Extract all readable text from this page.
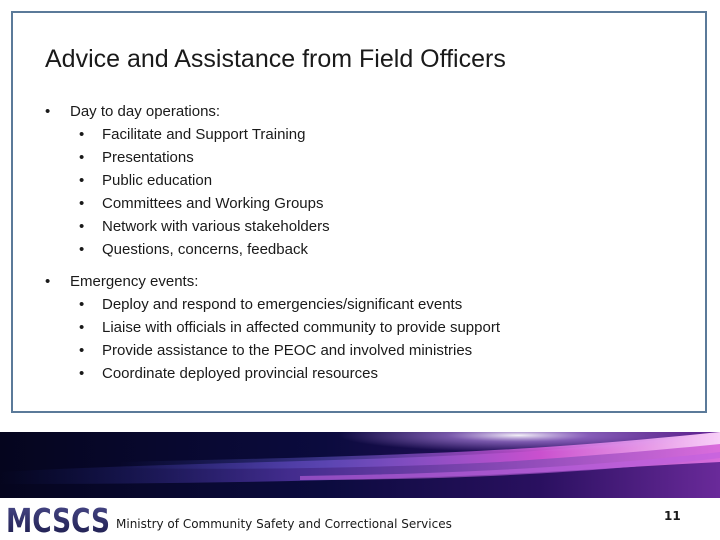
Advice and Assistance from Field Officers
•	Day to day operations:
• Facilitate and Support Training
• Presentations
• Public education
• Committees and Working Groups
• Network with various stakeholders
• Questions, concerns, feedback
•	Emergency events:
• Deploy and respond to emergencies/significant events
• Liaise with officials in affected community to provide support
• Provide assistance to the PEOC and involved ministries
• Coordinate deployed provincial resources
MCSCS Ministry of Community Safety and Correctional Services
11
